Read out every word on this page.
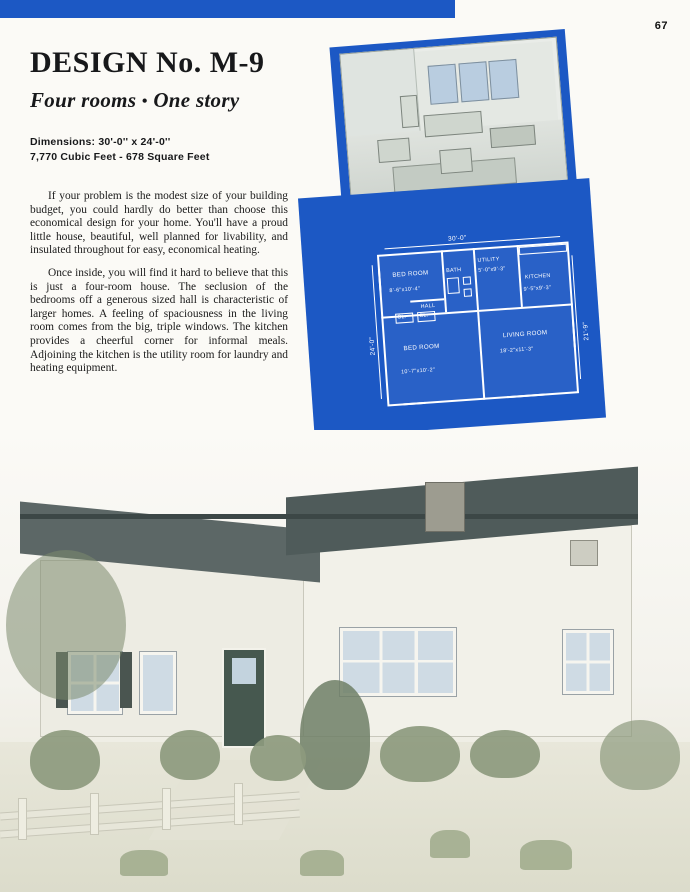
67
DESIGN No. M-9
Four rooms • One story
Dimensions: 30'-0'' x 24'-0''
7,770 Cubic Feet - 678 Square Feet

If your problem is the modest size of your building budget, you could hardly do better than choose this economical design for your home. You'll have a proud little house, beautiful, well planned for livability, and insulated throughout for easy, economical heating.

Once inside, you will find it hard to believe that this is just a four-room house. The seclusion of the bedrooms off a generous sized hall is characteristic of larger homes. A feeling of spaciousness in the living room comes from the big, triple windows. The kitchen provides a cheerful corner for informal meals. Adjoining the kitchen is the utility room for laundry and heating equipment.

30'-0"
24'-0"
21'-9"
BED ROOM
8'-6"x10'-4"
BATH
UTILITY
5'-0"x9'-3"
KITCHEN
9'-5"x9'-3"
HALL
CL. CL.
BED ROOM
10'-7"x10'-2"
LIVING ROOM
18'-2"x11'-3"
